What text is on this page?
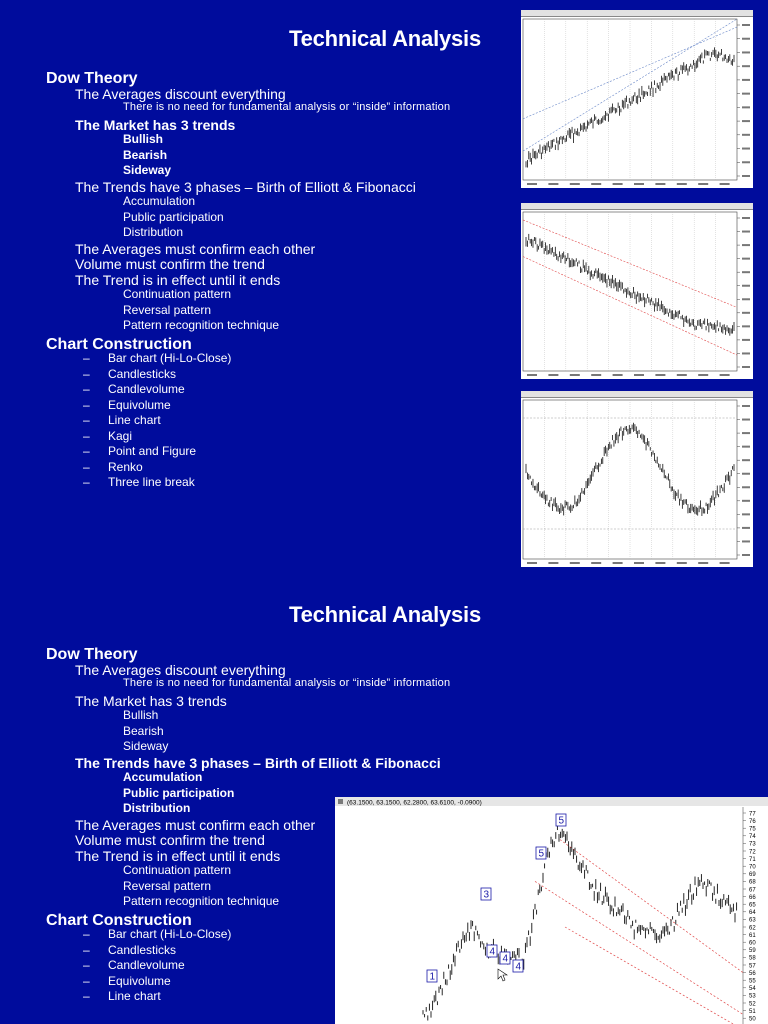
Technical Analysis
Dow Theory
The Averages discount everything
There is no need for fundamental analysis or “inside” information
The Market has 3 trends
Bullish
Bearish
Sideway
The Trends have 3 phases – Birth of Elliott & Fibonacci
Accumulation
Public participation
Distribution
The Averages must confirm each other
Volume must confirm the trend
The Trend is in effect until it ends
Continuation pattern
Reversal pattern
Pattern recognition technique
Chart Construction
– Bar chart (Hi-Lo-Close)
– Candlesticks
– Candlevolume
– Equivolume
– Line chart
– Kagi
– Point and Figure
– Renko
– Three line break
Technical Analysis
Dow Theory
The Averages discount everything
There is no need for fundamental analysis or “inside” information
The Market has 3 trends
Bullish
Bearish
Sideway
The Trends have 3 phases – Birth of Elliott & Fibonacci
Accumulation
Public participation
Distribution
The Averages must confirm each other
Volume must confirm the trend
The Trend is in effect until it ends
Continuation pattern
Reversal pattern
Pattern recognition technique
Chart Construction
– Bar chart (Hi-Lo-Close)
– Candlesticks
– Candlevolume
– Equivolume
– Line chart
(63.1500, 63.1500, 62.2800, 63.6100, -0.0900)
77
76
75
74
73
72
71
70
69
68
67
66
65
64
63
62
61
60
59
58
57
56
55
54
53
52
51
50
1
3
4
4
4
5
5
